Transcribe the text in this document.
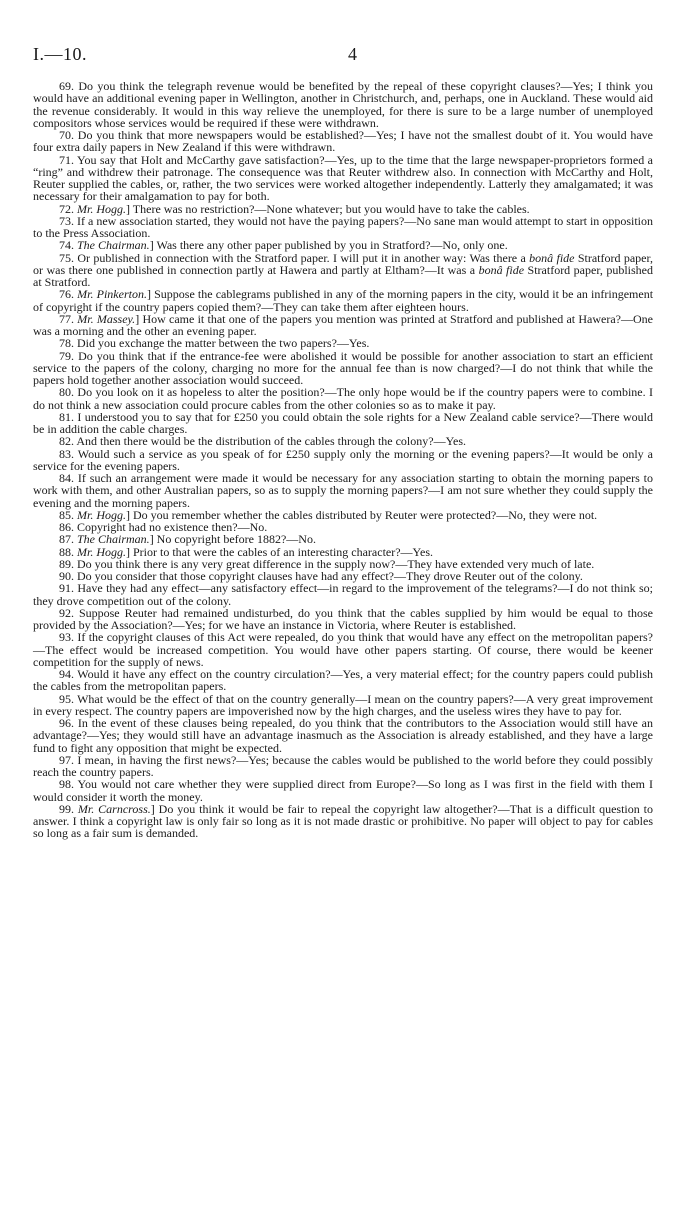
I.—10.	4

69. Do you think the telegraph revenue would be benefited by the repeal of these copyright clauses?—Yes; I think you would have an additional evening paper in Wellington, another in Christchurch, and, perhaps, one in Auckland. These would aid the revenue considerably. It would in this way relieve the unemployed, for there is sure to be a large number of unemployed compositors whose services would be required if these were withdrawn.

70. Do you think that more newspapers would be established?—Yes; I have not the smallest doubt of it. You would have four extra daily papers in New Zealand if this were withdrawn.

71. You say that Holt and McCarthy gave satisfaction?—Yes, up to the time that the large newspaper-proprietors formed a “ring” and withdrew their patronage. The consequence was that Reuter withdrew also. In connection with McCarthy and Holt, Reuter supplied the cables, or, rather, the two services were worked altogether independently. Latterly they amalgamated; it was necessary for their amalgamation to pay for both.

72. Mr. Hogg.] There was no restriction?—None whatever; but you would have to take the cables.

73. If a new association started, they would not have the paying papers?—No sane man would attempt to start in opposition to the Press Association.

74. The Chairman.] Was there any other paper published by you in Stratford?—No, only one.

75. Or published in connection with the Stratford paper. I will put it in another way: Was there a bonâ fide Stratford paper, or was there one published in connection partly at Hawera and partly at Eltham?—It was a bonâ fide Stratford paper, published at Stratford.

76. Mr. Pinkerton.] Suppose the cablegrams published in any of the morning papers in the city, would it be an infringement of copyright if the country papers copied them?—They can take them after eighteen hours.

77. Mr. Massey.] How came it that one of the papers you mention was printed at Stratford and published at Hawera?—One was a morning and the other an evening paper.

78. Did you exchange the matter between the two papers?—Yes.

79. Do you think that if the entrance-fee were abolished it would be possible for another association to start an efficient service to the papers of the colony, charging no more for the annual fee than is now charged?—I do not think that while the papers hold together another association would succeed.

80. Do you look on it as hopeless to alter the position?—The only hope would be if the country papers were to combine. I do not think a new association could procure cables from the other colonies so as to make it pay.

81. I understood you to say that for £250 you could obtain the sole rights for a New Zealand cable service?—There would be in addition the cable charges.

82. And then there would be the distribution of the cables through the colony?—Yes.

83. Would such a service as you speak of for £250 supply only the morning or the evening papers?—It would be only a service for the evening papers.

84. If such an arrangement were made it would be necessary for any association starting to obtain the morning papers to work with them, and other Australian papers, so as to supply the morning papers?—I am not sure whether they could supply the evening and the morning papers.

85. Mr. Hogg.] Do you remember whether the cables distributed by Reuter were protected?—No, they were not.

86. Copyright had no existence then?—No.

87. The Chairman.] No copyright before 1882?—No.

88. Mr. Hogg.] Prior to that were the cables of an interesting character?—Yes.

89. Do you think there is any very great difference in the supply now?—They have extended very much of late.

90. Do you consider that those copyright clauses have had any effect?—They drove Reuter out of the colony.

91. Have they had any effect—any satisfactory effect—in regard to the improvement of the telegrams?—I do not think so; they drove competition out of the colony.

92. Suppose Reuter had remained undisturbed, do you think that the cables supplied by him would be equal to those provided by the Association?—Yes; for we have an instance in Victoria, where Reuter is established.

93. If the copyright clauses of this Act were repealed, do you think that would have any effect on the metropolitan papers?—The effect would be increased competition. You would have other papers starting. Of course, there would be keener competition for the supply of news.

94. Would it have any effect on the country circulation?—Yes, a very material effect; for the country papers could publish the cables from the metropolitan papers.

95. What would be the effect of that on the country generally—I mean on the country papers?—A very great improvement in every respect. The country papers are impoverished now by the high charges, and the useless wires they have to pay for.

96. In the event of these clauses being repealed, do you think that the contributors to the Association would still have an advantage?—Yes; they would still have an advantage inasmuch as the Association is already established, and they have a large fund to fight any opposition that might be expected.

97. I mean, in having the first news?—Yes; because the cables would be published to the world before they could possibly reach the country papers.

98. You would not care whether they were supplied direct from Europe?—So long as I was first in the field with them I would consider it worth the money.

99. Mr. Carncross.] Do you think it would be fair to repeal the copyright law altogether?—That is a difficult question to answer. I think a copyright law is only fair so long as it is not made drastic or prohibitive. No paper will object to pay for cables so long as a fair sum is demanded.
